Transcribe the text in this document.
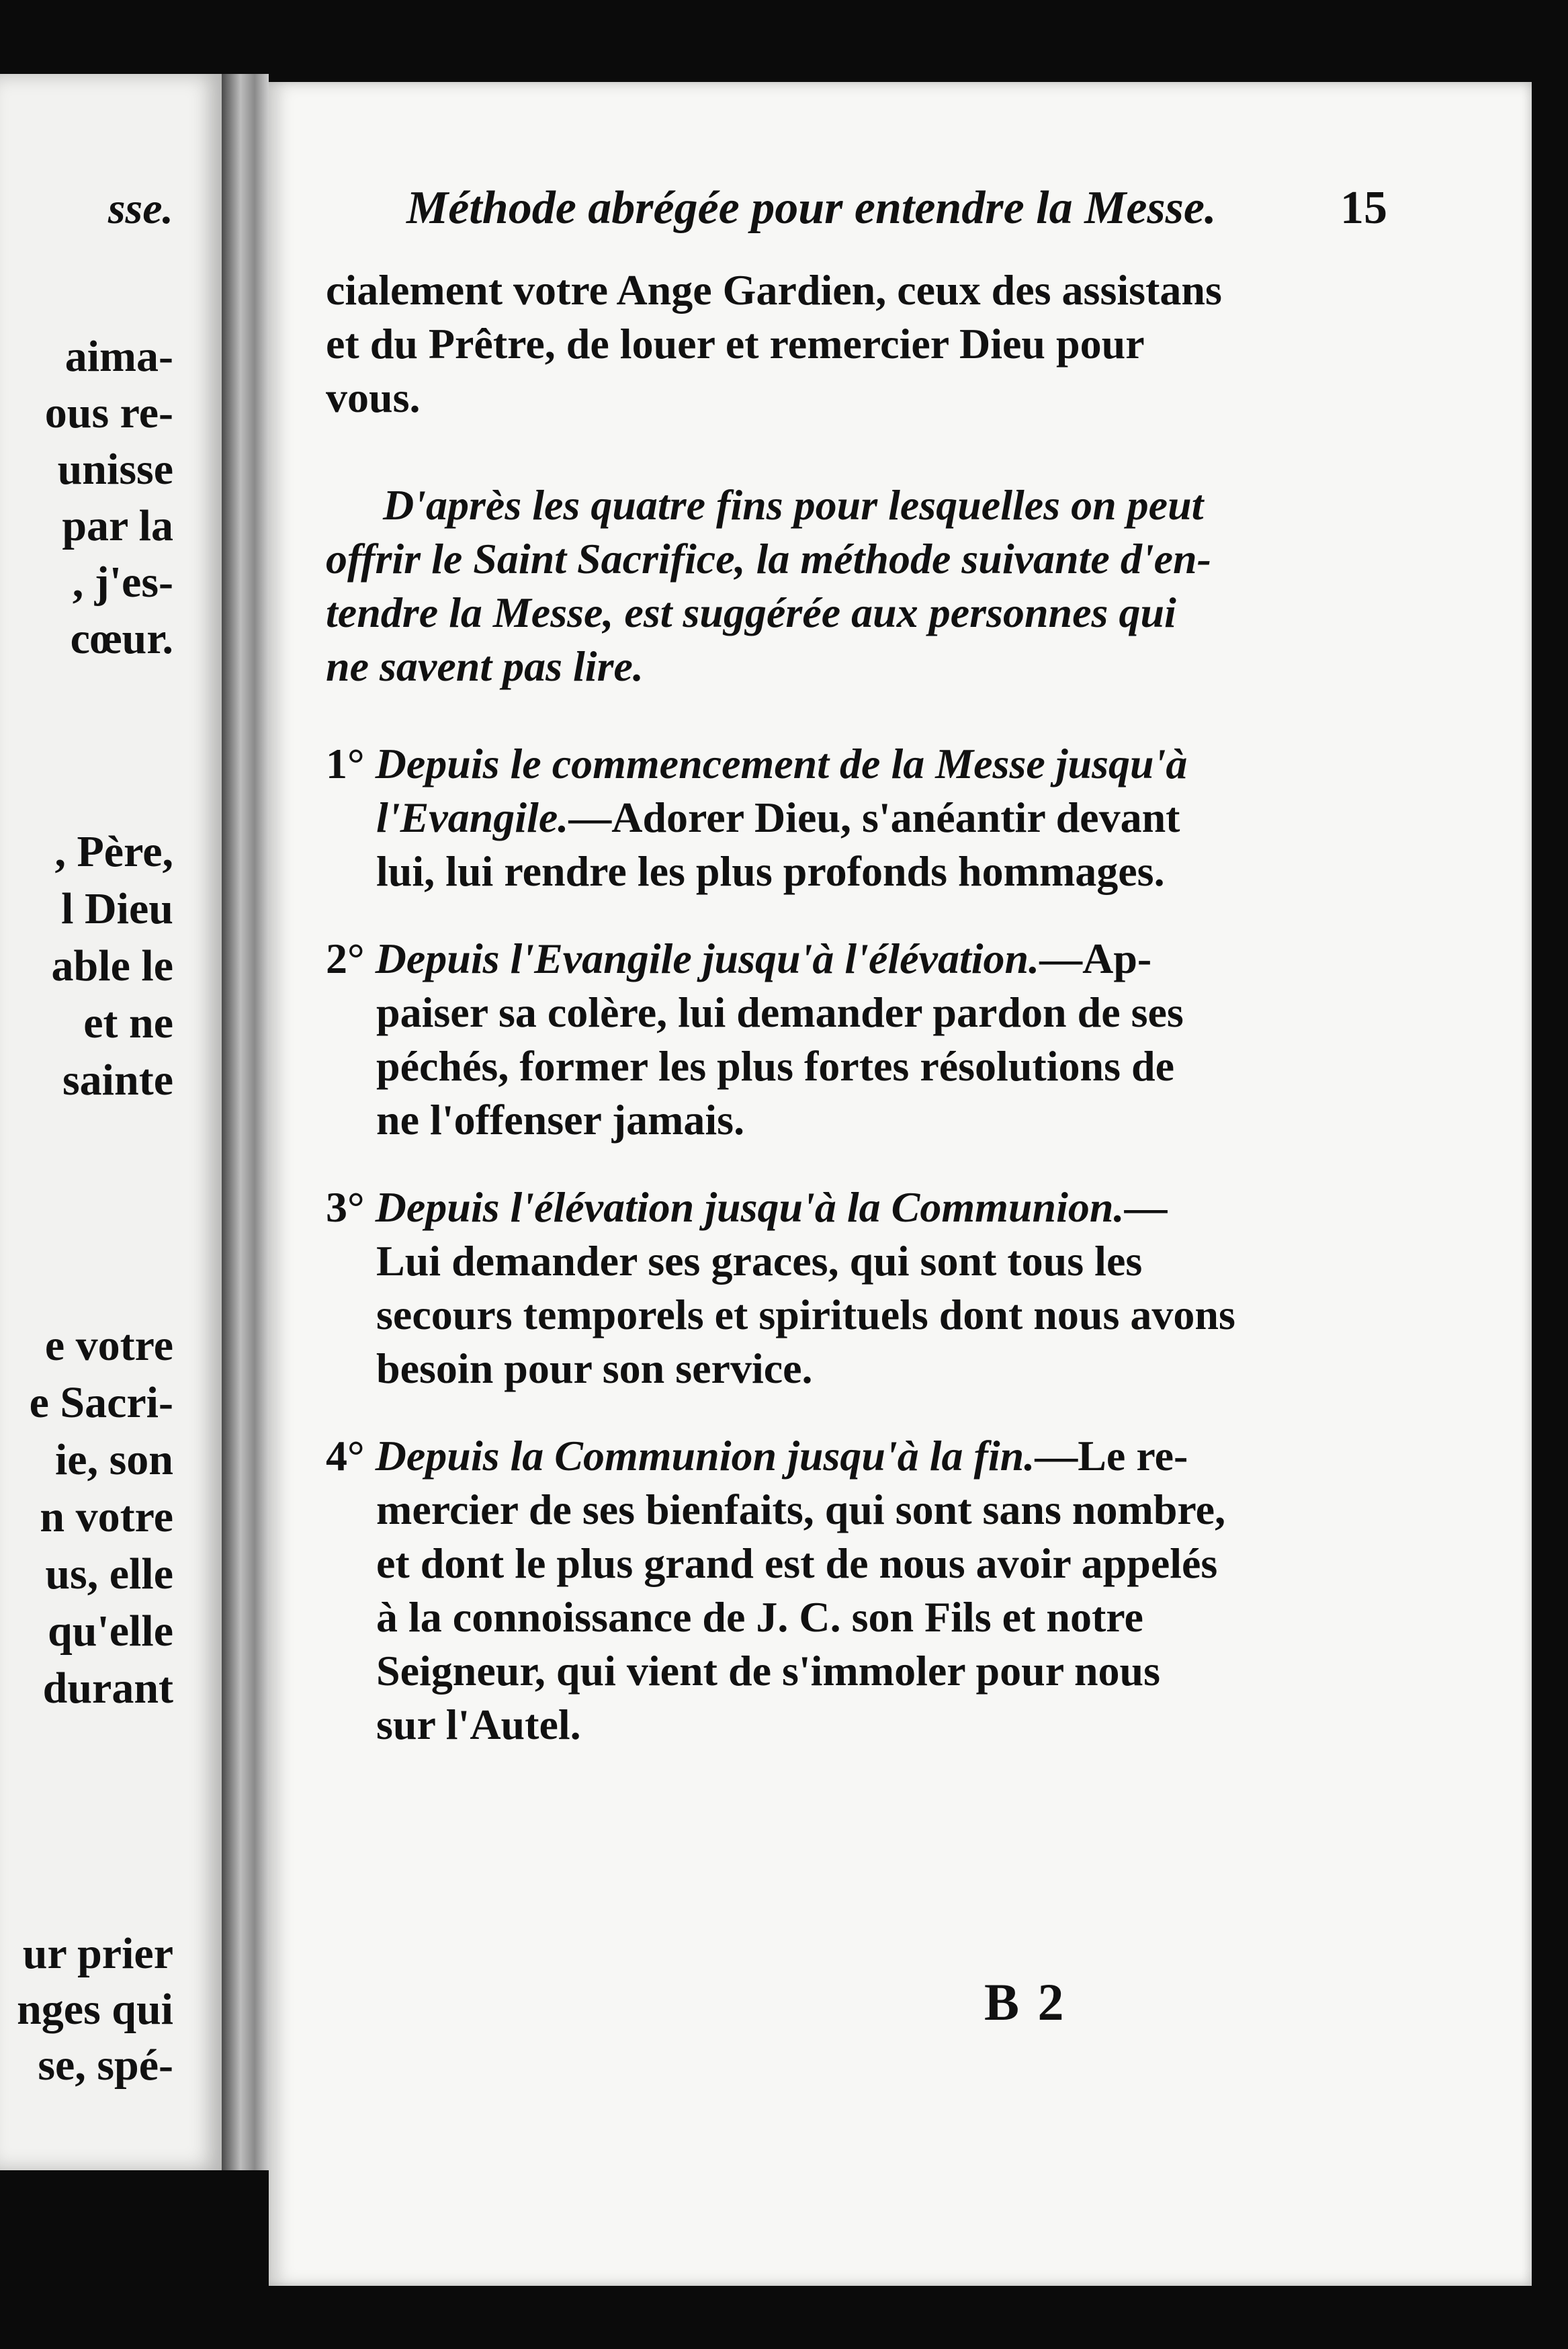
sse.
aima-
ous re-
unisse
par la
, j'es-
cœur.
, Père,
l Dieu
able le
et ne
sainte
e votre
e Sacri-
ie, son
n votre
us, elle
qu'elle
durant
ur prier
nges qui
se, spé-
Méthode abrégée pour entendre la Messe.	15
cialement votre Ange Gardien, ceux des assistans
et du Prêtre, de louer et remercier Dieu pour
vous.
D'après les quatre fins pour lesquelles on peut
offrir le Saint Sacrifice, la méthode suivante d'en-
tendre la Messe, est suggérée aux personnes qui
ne savent pas lire.
1° Depuis le commencement de la Messe jusqu'à
l'Evangile.—Adorer Dieu, s'anéantir devant
lui, lui rendre les plus profonds hommages.
2° Depuis l'Evangile jusqu'à l'élévation.—Ap-
paiser sa colère, lui demander pardon de ses
péchés, former les plus fortes résolutions de
ne l'offenser jamais.
3° Depuis l'élévation jusqu'à la Communion.—
Lui demander ses graces, qui sont tous les
secours temporels et spirituels dont nous avons
besoin pour son service.
4° Depuis la Communion jusqu'à la fin.—Le re-
mercier de ses bienfaits, qui sont sans nombre,
et dont le plus grand est de nous avoir appelés
à la connoissance de J. C. son Fils et notre
Seigneur, qui vient de s'immoler pour nous
sur l'Autel.
B 2
